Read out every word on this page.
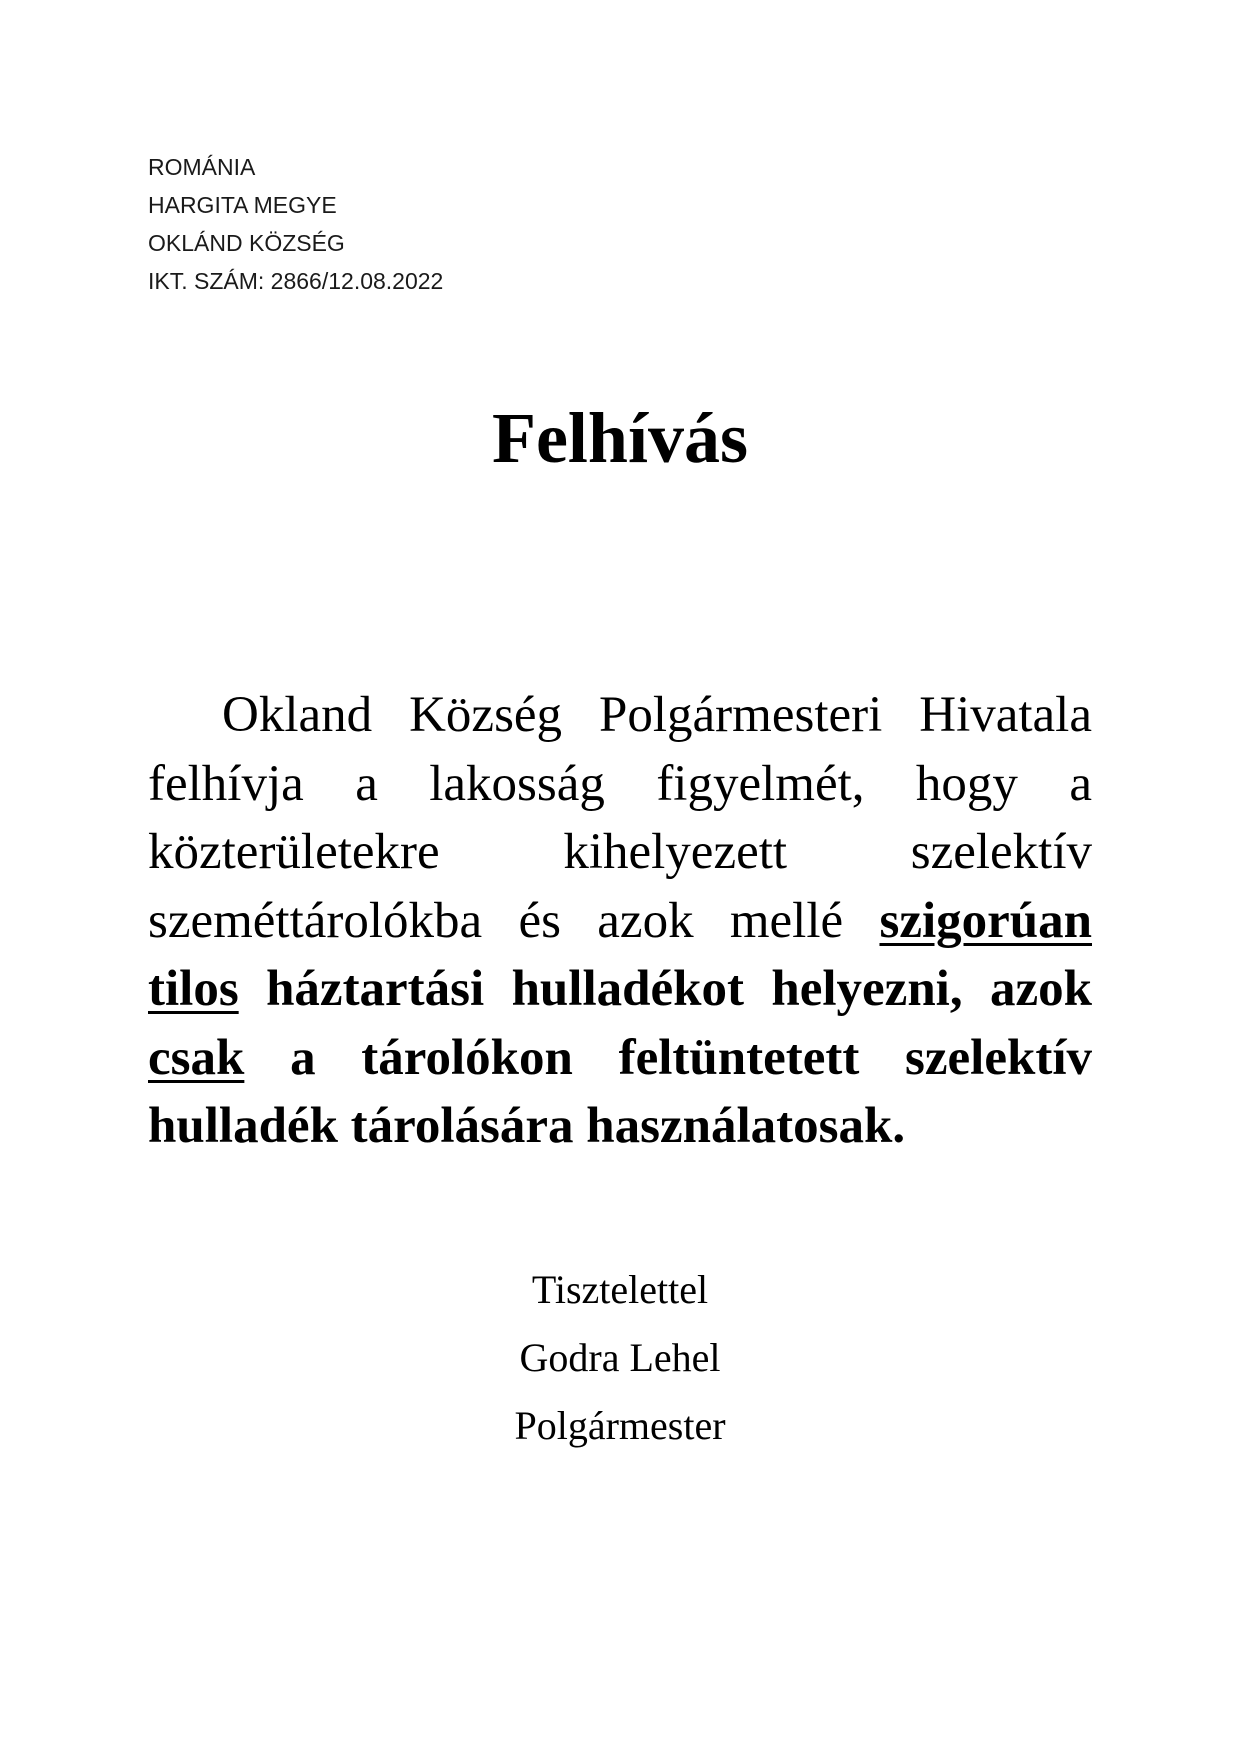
ROMÁNIA
HARGITA MEGYE
OKLÁND KÖZSÉG
IKT. SZÁM: 2866/12.08.2022
Felhívás

Okland Község Polgármesteri Hivatala felhívja a lakosság figyelmét, hogy a közterületekre kihelyezett szelektív szeméttárolókba és azok mellé szigorúan tilos háztartási hulladékot helyezni, azok csak a tárolókon feltüntetett szelektív hulladék tárolására használatosak.

Tisztelettel
Godra Lehel
Polgármester
